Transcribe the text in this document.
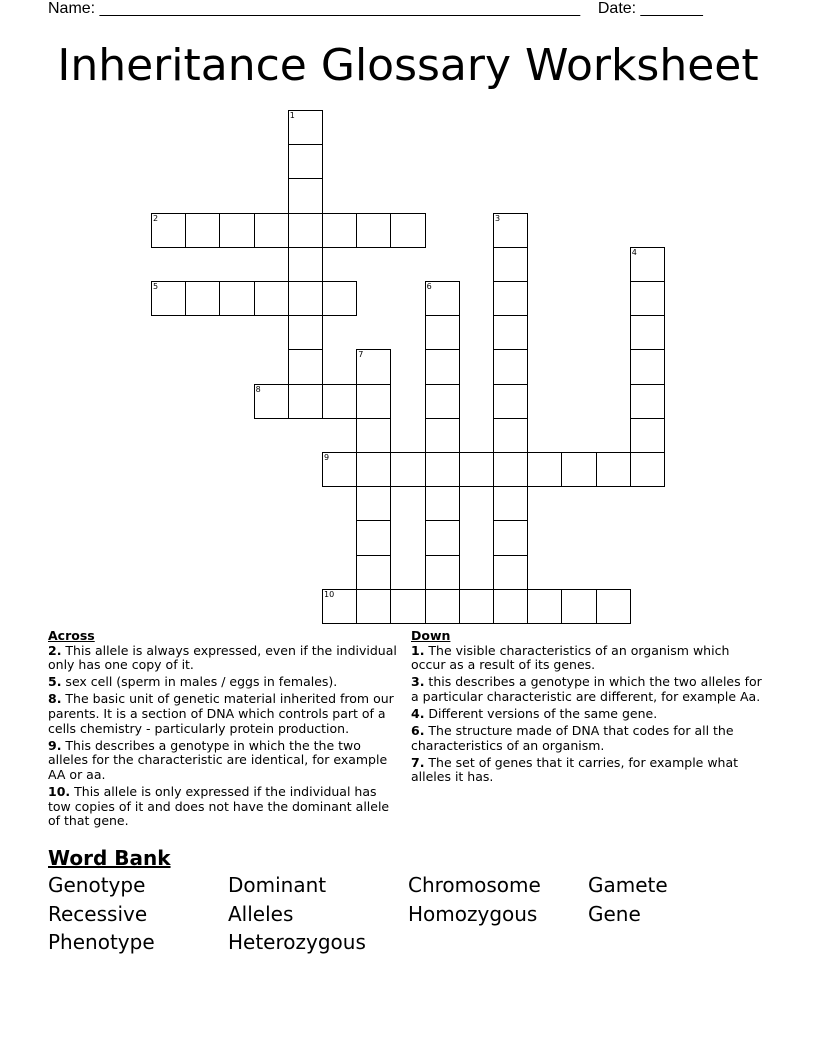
Name: ______________________________________________________    Date: _______
Inheritance Glossary Worksheet
1
2	3
4
5	6
7
8
9
10
Across
2. This allele is always expressed, even if the individual only has one copy of it.
5. sex cell (sperm in males / eggs in females).
8. The basic unit of genetic material inherited from our parents. It is a section of DNA which controls part of a cells chemistry - particularly protein production.
9. This describes a genotype in which the the two alleles for the characteristic are identical, for example AA or aa.
10. This allele is only expressed if the individual has tow copies of it and does not have the dominant allele of that gene.
Down
1. The visible characteristics of an organism which occur as a result of its genes.
3. this describes a genotype in which the two alleles for a particular characteristic are different, for example Aa.
4. Different versions of the same gene.
6. The structure made of DNA that codes for all the characteristics of an organism.
7. The set of genes that it carries, for example what alleles it has.
Word Bank
Genotype	Dominant	Chromosome Gamete
Recessive	Alleles	Homozygous	Gene
Phenotype	Heterozygous
